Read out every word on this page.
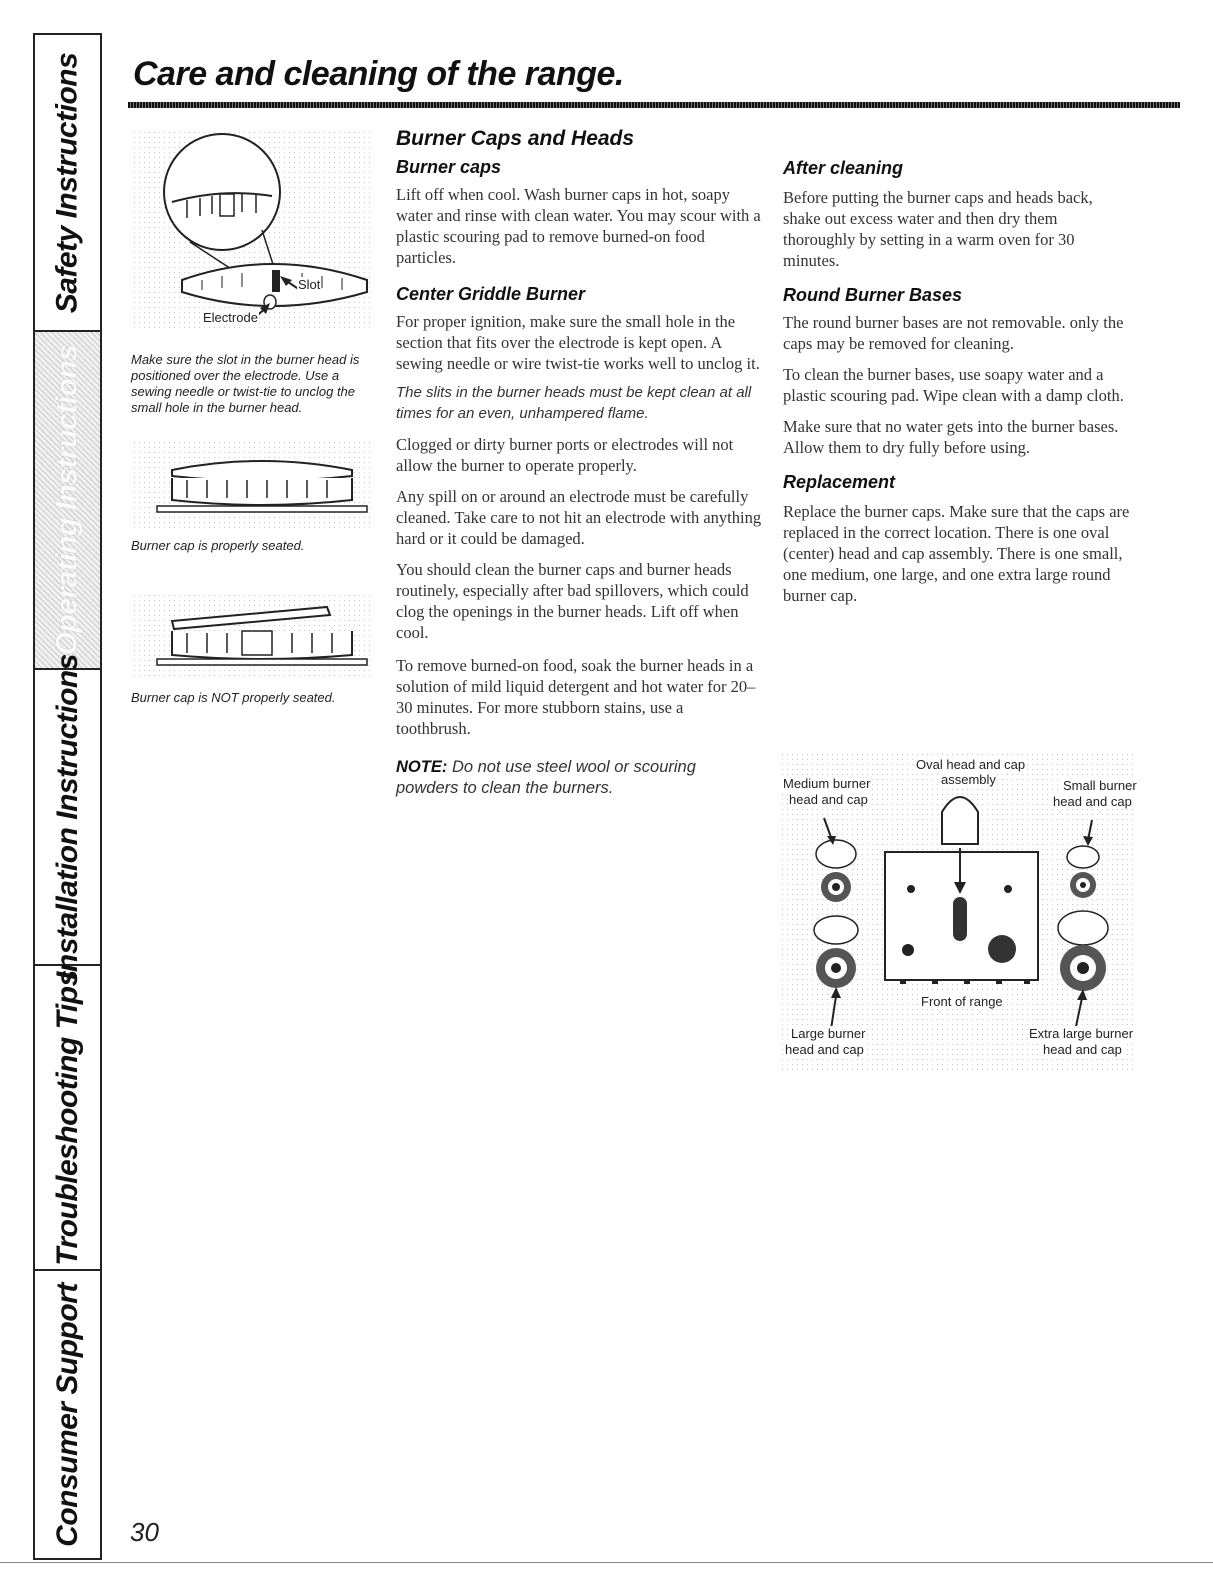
Safety Instructions
Operating Instructions
Installation Instructions
Troubleshooting Tips
Consumer Support
Care and cleaning of the range.
Slot
Electrode

Make sure the slot in the burner head is positioned over the electrode. Use a sewing needle or twist-tie to unclog the small hole in the burner head.

Burner cap is properly seated.

Burner cap is NOT properly seated.

Burner Caps and Heads
Burner caps

Lift off when cool. Wash burner caps in hot, soapy water and rinse with clean water. You may scour with a plastic scouring pad to remove burned-on food particles.

Center Griddle Burner

For proper ignition, make sure the small hole in the section that fits over the electrode is kept open. A sewing needle or wire twist-tie works well to unclog it.

The slits in the burner heads must be kept clean at all times for an even, unhampered flame.

Clogged or dirty burner ports or electrodes will not allow the burner to operate properly.

Any spill on or around an electrode must be carefully cleaned. Take care to not hit an electrode with anything hard or it could be damaged.

You should clean the burner caps and burner heads routinely, especially after bad spillovers, which could clog the openings in the burner heads. Lift off when cool.

To remove burned-on food, soak the burner heads in a solution of mild liquid detergent and hot water for 20–30 minutes. For more stubborn stains, use a toothbrush.

NOTE: Do not use steel wool or scouring powders to clean the burners.

After cleaning

Before putting the burner caps and heads back, shake out excess water and then dry them thoroughly by setting in a warm oven for 30 minutes.

Round Burner Bases

The round burner bases are not removable. only the caps may be removed for cleaning.

To clean the burner bases, use soapy water and a plastic scouring pad. Wipe clean with a damp cloth.

Make sure that no water gets into the burner bases. Allow them to dry fully before using.

Replacement

Replace the burner caps. Make sure that the caps are replaced in the correct location. There is one oval (center) head and cap assembly. There is one small, one medium, one large, and one extra large round burner cap.

Oval head and cap
assembly
Medium burner
head and cap
Small burner
head and cap
Front of range
Large burner
head and cap
Extra large burner
head and cap
30
